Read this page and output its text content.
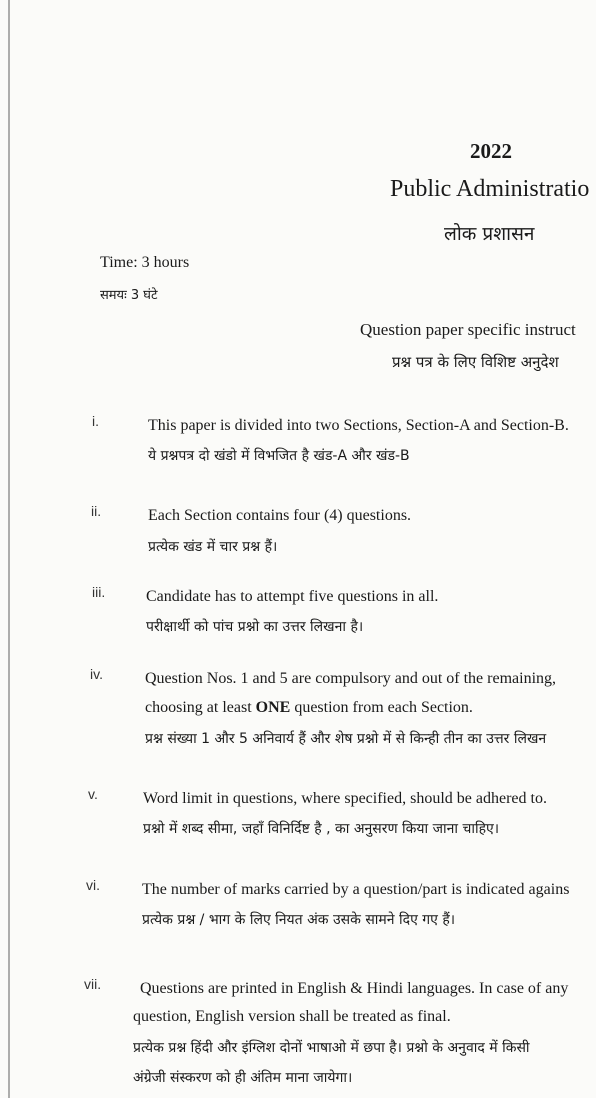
2022
Public Administratio
लोक प्रशासन
Time: 3 hours
समयः 3 घंटे
Question paper specific instruct
प्रश्न पत्र के लिए विशिष्ट अनुदेश
i.	This paper is divided into two Sections, Section-A and Section-B.
ये प्रश्नपत्र दो खंडो में विभजित है खंड-A और खंड-B
ii.	Each Section contains four (4) questions.
प्रत्येक खंड में चार प्रश्न हैं।
iii.	Candidate has to attempt five questions in all.
परीक्षार्थी को पांच प्रश्नो का उत्तर लिखना है।
iv.	Question Nos. 1 and 5 are compulsory and out of the remaining,
choosing at least ONE question from each Section.
प्रश्न संख्या 1 और 5 अनिवार्य हैं और शेष प्रश्नो में से किन्ही तीन का उत्तर लिखन
v.	Word limit in questions, where specified, should be adhered to.
प्रश्नो में शब्द सीमा, जहाँ विनिर्दिष्ट है , का अनुसरण किया जाना चाहिए।
vi.	The number of marks carried by a question/part is indicated agains
प्रत्येक प्रश्न / भाग के लिए नियत अंक उसके सामने दिए गए हैं।
vii. Questions are printed in English & Hindi languages. In case of any
question, English version shall be treated as final.
प्रत्येक प्रश्न हिंदी और इंग्लिश दोनों भाषाओ में छपा है। प्रश्नो के अनुवाद में किसी
अंग्रेजी संस्करण को ही अंतिम माना जायेगा।
